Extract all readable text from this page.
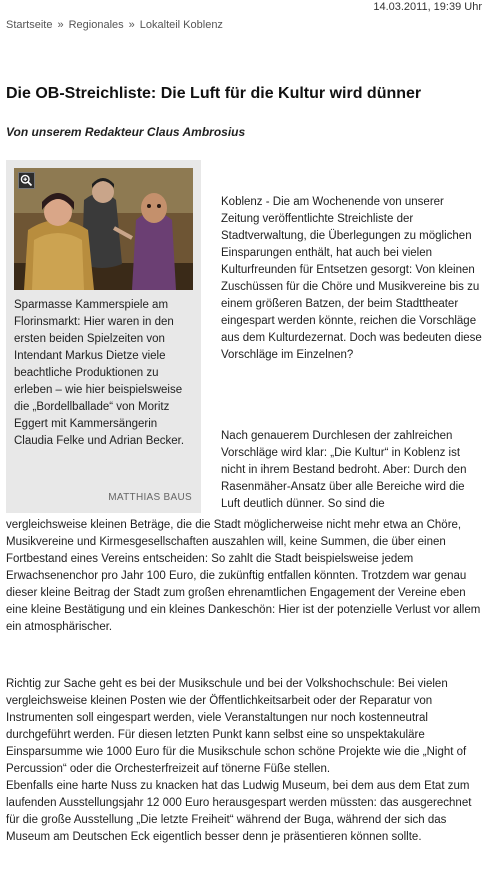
14.03.2011, 19:39 Uhr
Startseite » Regionales » Lokalteil Koblenz
Die OB-Streichliste: Die Luft für die Kultur wird dünner
Von unserem Redakteur Claus Ambrosius
Sparmasse Kammerspiele am Florinsmarkt: Hier waren in den ersten beiden Spielzeiten von Intendant Markus Dietze viele beachtliche Produktionen zu erleben – wie hier beispielsweise die „Bordellballade“ von Moritz Eggert mit Kammersängerin Claudia Felke und Adrian Becker.
MATTHIAS BAUS

Koblenz - Die am Wochenende von unserer Zeitung veröffentlichte Streichliste der Stadtverwaltung, die Überlegungen zu möglichen Einsparungen enthält, hat auch bei vielen Kulturfreunden für Entsetzen gesorgt: Von kleinen Zuschüssen für die Chöre und Musikvereine bis zu einem größeren Batzen, der beim Stadttheater eingespart werden könnte, reichen die Vorschläge aus dem Kulturdezernat. Doch was bedeuten diese Vorschläge im Einzelnen?

Nach genauerem Durchlesen der zahlreichen Vorschläge wird klar: „Die Kultur“ in Koblenz ist nicht in ihrem Bestand bedroht. Aber: Durch den Rasenmäher-Ansatz über alle Bereiche wird die Luft deutlich dünner. So sind die

vergleichsweise kleinen Beträge, die die Stadt möglicherweise nicht mehr etwa an Chöre, Musikvereine und Kirmesgesellschaften auszahlen will, keine Summen, die über einen Fortbestand eines Vereins entscheiden: So zahlt die Stadt beispielsweise jedem Erwachsenenchor pro Jahr 100 Euro, die zukünftig entfallen könnten. Trotzdem war genau dieser kleine Beitrag der Stadt zum großen ehrenamtlichen Engagement der Vereine eben eine kleine Bestätigung und ein kleines Dankeschön: Hier ist der potenzielle Verlust vor allem ein atmosphärischer.

Richtig zur Sache geht es bei der Musikschule und bei der Volkshochschule: Bei vielen vergleichsweise kleinen Posten wie der Öffentlichkeitsarbeit oder der Reparatur von Instrumenten soll eingespart werden, viele Veranstaltungen nur noch kostenneutral durchgeführt werden. Für diesen letzten Punkt kann selbst eine so unspektakuläre Einsparsumme wie 1000 Euro für die Musikschule schon schöne Projekte wie die „Night of Percussion“ oder die Orchesterfreizeit auf tönerne Füße stellen.

Ebenfalls eine harte Nuss zu knacken hat das Ludwig Museum, bei dem aus dem Etat zum laufenden Ausstellungsjahr 12 000 Euro herausgespart werden müssten: das ausgerechnet für die große Ausstellung „Die letzte Freiheit“ während der Buga, während der sich das Museum am Deutschen Eck eigentlich besser denn je präsentieren können sollte.
